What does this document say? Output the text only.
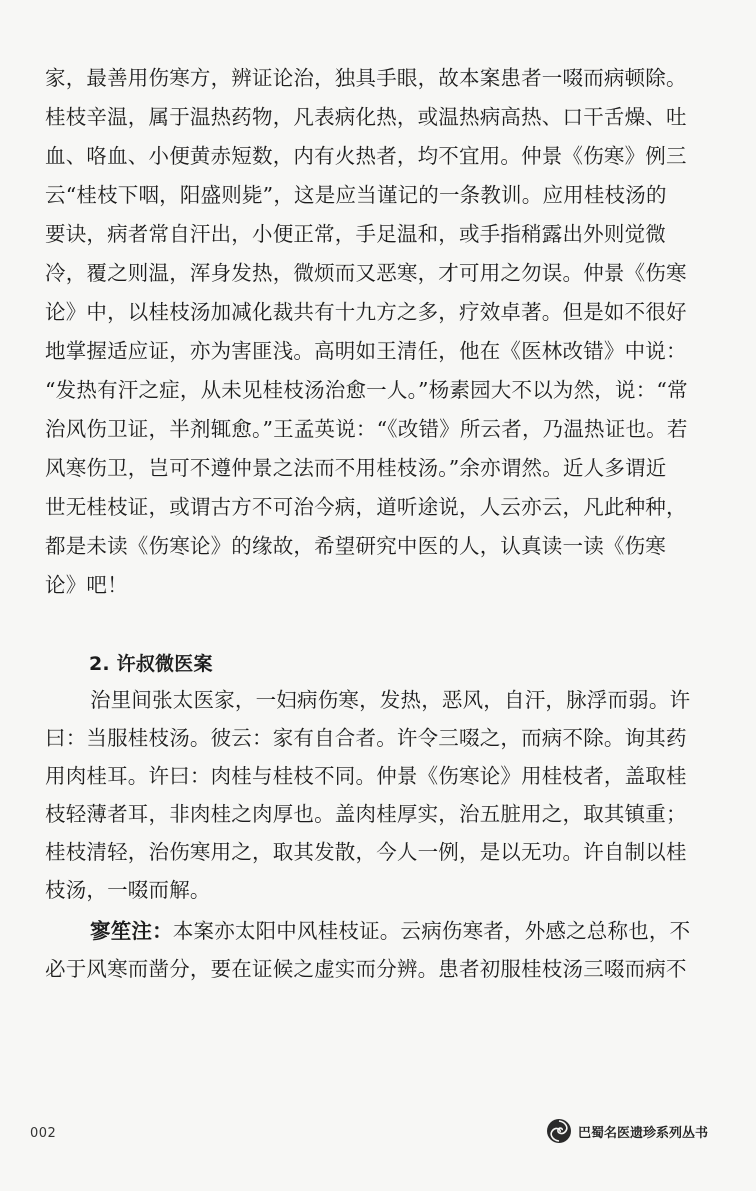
家，最善用伤寒方，辨证论治，独具手眼，故本案患者一啜而病顿除。
桂枝辛温，属于温热药物，凡表病化热，或温热病高热、口干舌燥、吐
血、咯血、小便黄赤短数，内有火热者，均不宜用。仲景《伤寒》例三
云“桂枝下咽，阳盛则毙”，这是应当谨记的一条教训。应用桂枝汤的
要诀，病者常自汗出，小便正常，手足温和，或手指稍露出外则觉微
冷，覆之则温，浑身发热，微烦而又恶寒，才可用之勿误。仲景《伤寒
论》中，以桂枝汤加减化裁共有十九方之多，疗效卓著。但是如不很好
地掌握适应证，亦为害匪浅。高明如王清任，他在《医林改错》中说：
“发热有汗之症，从未见桂枝汤治愈一人。”杨素园大不以为然，说：“常
治风伤卫证，半剂辄愈。”王孟英说：“《改错》所云者，乃温热证也。若
风寒伤卫，岂可不遵仲景之法而不用桂枝汤。”余亦谓然。近人多谓近
世无桂枝证，或谓古方不可治今病，道听途说，人云亦云，凡此种种，
都是未读《伤寒论》的缘故，希望研究中医的人，认真读一读《伤寒
论》吧！
2. 许叔微医案
治里间张太医家，一妇病伤寒，发热，恶风，自汗，脉浮而弱。许
曰：当服桂枝汤。彼云：家有自合者。许令三啜之，而病不除。询其药
用肉桂耳。许曰：肉桂与桂枝不同。仲景《伤寒论》用桂枝者，盖取桂
枝轻薄者耳，非肉桂之肉厚也。盖肉桂厚实，治五脏用之，取其镇重；
桂枝清轻，治伤寒用之，取其发散，今人一例，是以无功。许自制以桂
枝汤，一啜而解。
寥笙注：本案亦太阳中风桂枝证。云病伤寒者，外感之总称也，不
必于风寒而凿分，要在证候之虚实而分辨。患者初服桂枝汤三啜而病不
002	巴蜀名医遗珍系列丛书
